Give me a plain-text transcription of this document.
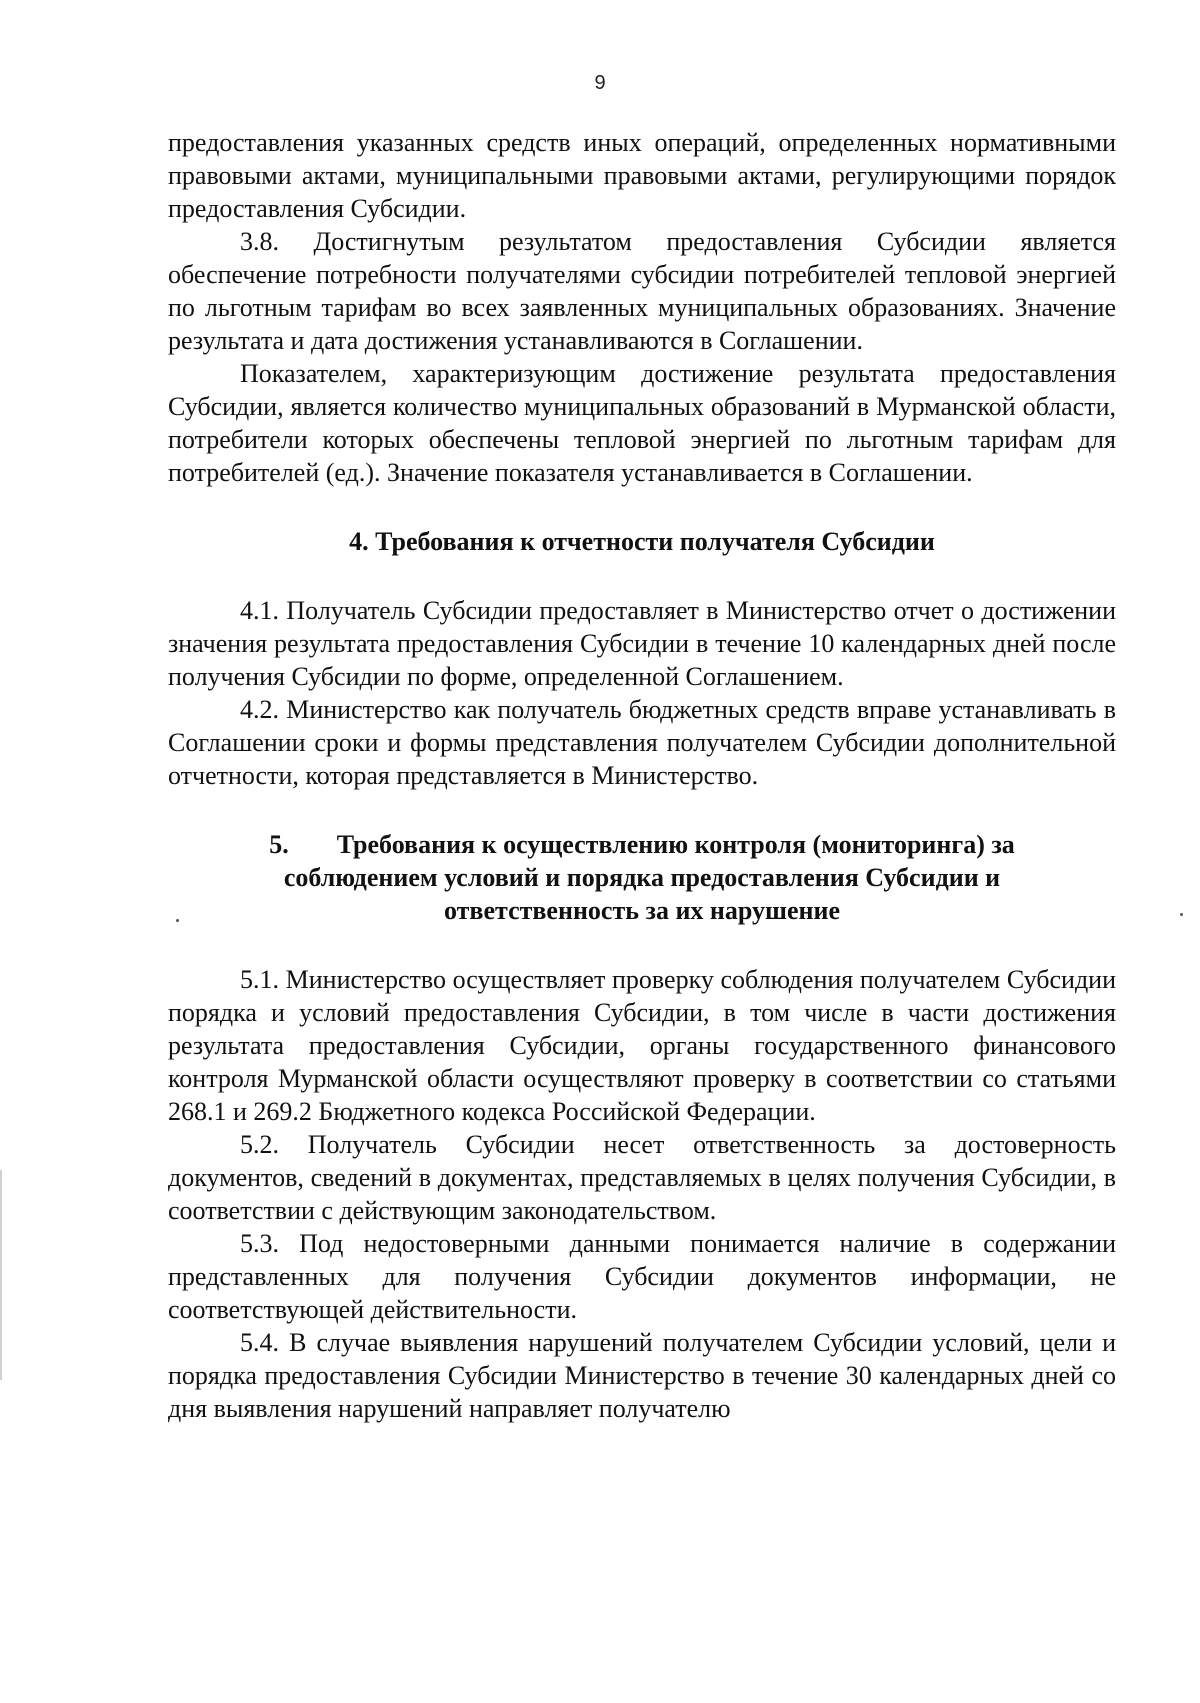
9

предоставления указанных средств иных операций, определенных нормативными правовыми актами, муниципальными правовыми актами, регулирующими порядок предоставления Субсидии.

3.8. Достигнутым результатом предоставления Субсидии является обеспечение потребности получателями субсидии потребителей тепловой энергией по льготным тарифам во всех заявленных муниципальных образованиях. Значение результата и дата достижения устанавливаются в Соглашении.

Показателем, характеризующим достижение результата предоставления Субсидии, является количество муниципальных образований в Мурманской области, потребители которых обеспечены тепловой энергией по льготным тарифам для потребителей (ед.). Значение показателя устанавливается в Соглашении.

4. Требования к отчетности получателя Субсидии

4.1. Получатель Субсидии предоставляет в Министерство отчет о достижении значения результата предоставления Субсидии в течение 10 календарных дней после получения Субсидии по форме, определенной Соглашением.

4.2. Министерство как получатель бюджетных средств вправе устанавливать в Соглашении сроки и формы представления получателем Субсидии дополнительной отчетности, которая представляется в Министерство.

5. Требования к осуществлению контроля (мониторинга) за

соблюдением условий и порядка предоставления Субсидии и

ответственность за их нарушение

5.1. Министерство осуществляет проверку соблюдения получателем Субсидии порядка и условий предоставления Субсидии, в том числе в части достижения результата предоставления Субсидии, органы государственного финансового контроля Мурманской области осуществляют проверку в соответствии со статьями 268.1 и 269.2 Бюджетного кодекса Российской Федерации.

5.2. Получатель Субсидии несет ответственность за достоверность документов, сведений в документах, представляемых в целях получения Субсидии, в соответствии с действующим законодательством.

5.3. Под недостоверными данными понимается наличие в содержании представленных для получения Субсидии документов информации, не соответствующей действительности.

5.4. В случае выявления нарушений получателем Субсидии условий, цели и порядка предоставления Субсидии Министерство в течение 30 календарных дней со дня выявления нарушений направляет получателю
